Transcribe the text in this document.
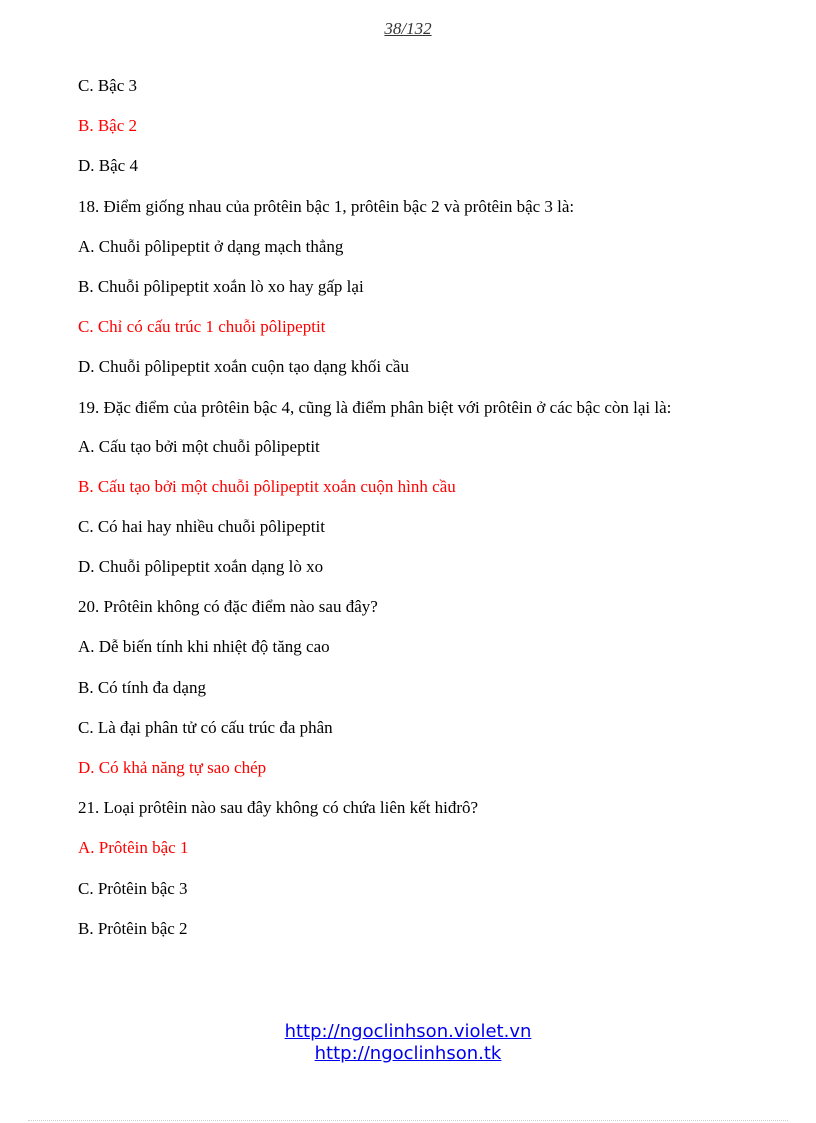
38/132
C. Bậc 3
B. Bậc 2
D. Bậc 4
18. Điểm giống nhau của prôtêin bậc 1, prôtêin bậc 2 và prôtêin bậc 3 là:
A. Chuỗi pôlipeptit ở dạng mạch thẳng
B. Chuỗi pôlipeptit xoắn lò xo hay gấp lại
C. Chỉ có cấu trúc 1 chuỗi pôlipeptit
D. Chuỗi pôlipeptit xoắn cuộn tạo dạng khối cầu
19. Đặc điểm của prôtêin bậc 4, cũng là điểm phân biệt với prôtêin ở các bậc còn lại là:
A. Cấu tạo bởi một chuỗi pôlipeptit
B. Cấu tạo bởi một chuỗi pôlipeptit xoắn cuộn hình cầu
C. Có hai hay nhiều chuỗi pôlipeptit
D. Chuỗi pôlipeptit xoắn dạng lò xo
20. Prôtêin không có đặc điểm nào sau đây?
A. Dễ biến tính khi nhiệt độ tăng cao
B. Có tính đa dạng
C. Là đại phân tử có cấu trúc đa phân
D. Có khả năng tự sao chép
21. Loại prôtêin nào sau đây không có chứa liên kết hiđrô?
A. Prôtêin bậc 1
C. Prôtêin bậc 3
B. Prôtêin bậc 2
http://ngoclinhson.violet.vn
http://ngoclinhson.tk
